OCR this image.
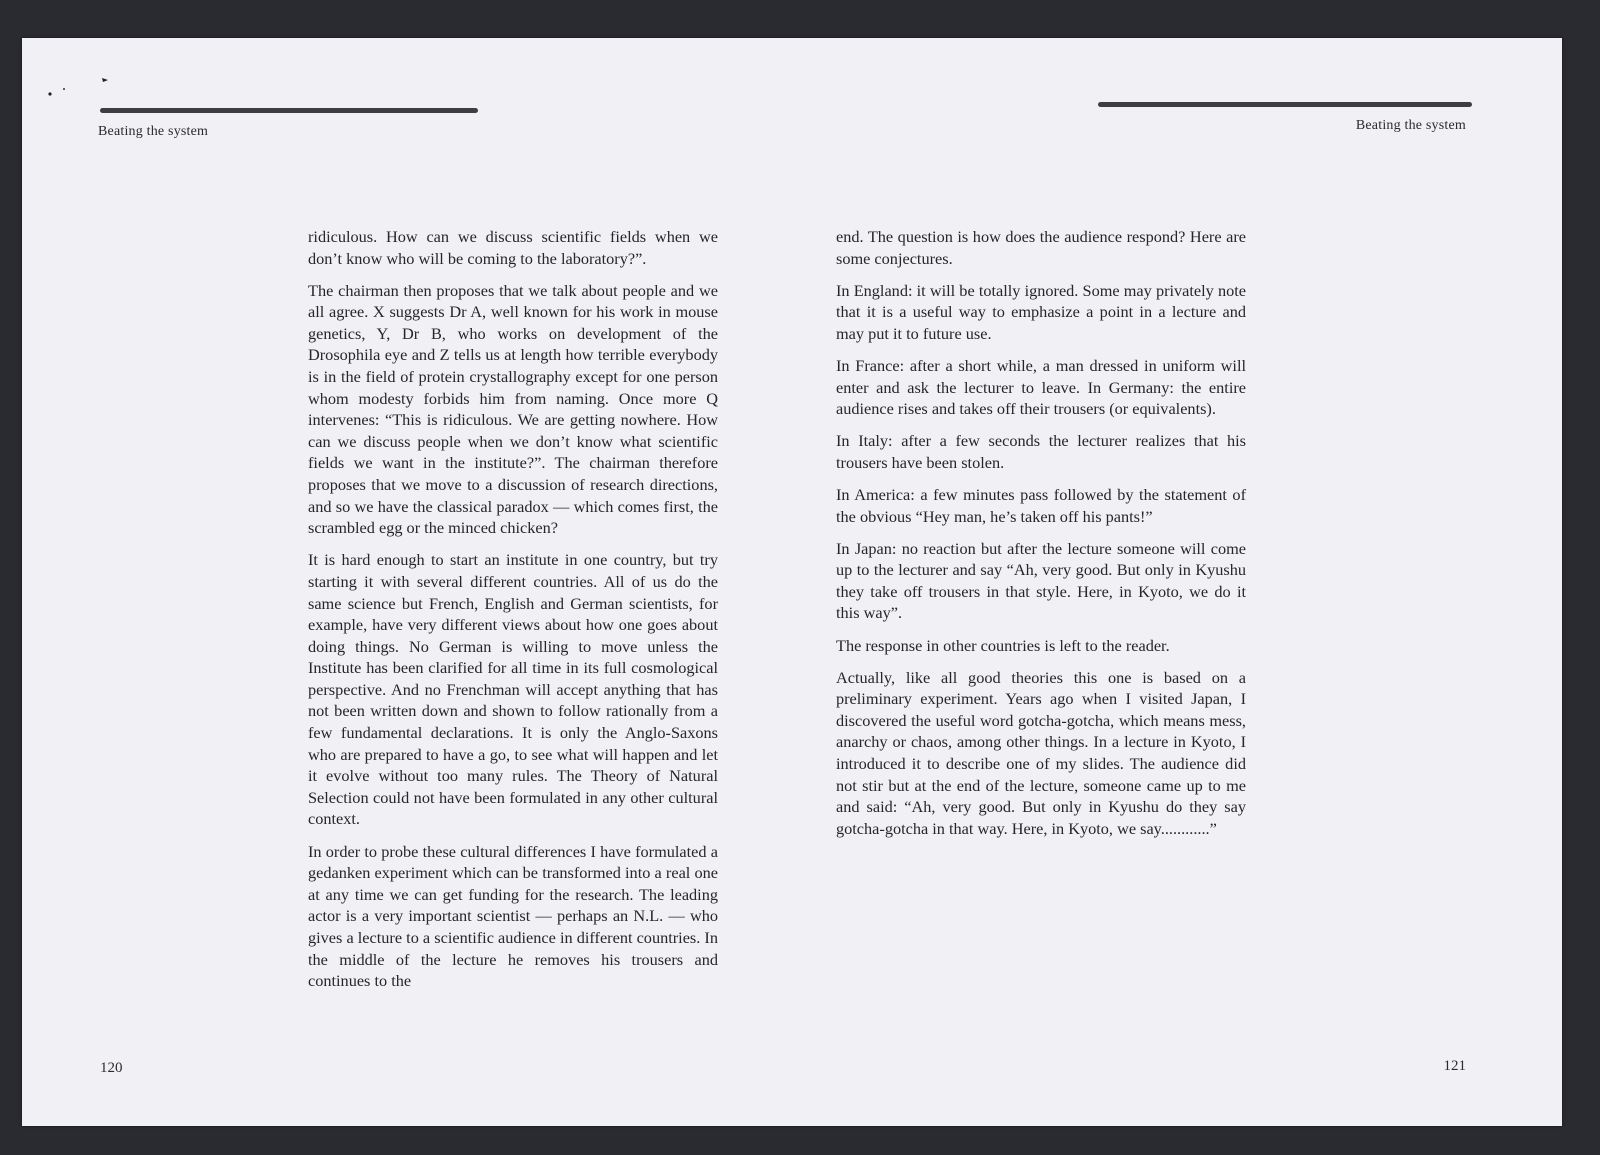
Beating the system	Beating the system

ridiculous. How can we discuss scientific fields when we don’t know who will be coming to the laboratory?”.

The chairman then proposes that we talk about people and we all agree. X suggests Dr A, well known for his work in mouse genetics, Y, Dr B, who works on development of the Drosophila eye and Z tells us at length how terrible everybody is in the field of protein crystallography except for one person whom modesty forbids him from naming. Once more Q intervenes: “This is ridiculous. We are getting nowhere. How can we discuss people when we don’t know what scientific fields we want in the institute?”. The chairman therefore proposes that we move to a discussion of research directions, and so we have the classical paradox — which comes first, the scrambled egg or the minced chicken?

It is hard enough to start an institute in one country, but try starting it with several different countries. All of us do the same science but French, English and German scientists, for example, have very different views about how one goes about doing things. No German is willing to move unless the Institute has been clarified for all time in its full cosmological perspective. And no Frenchman will accept anything that has not been written down and shown to follow rationally from a few fundamental declarations. It is only the Anglo-Saxons who are prepared to have a go, to see what will happen and let it evolve without too many rules. The Theory of Natural Selection could not have been formulated in any other cultural context.

In order to probe these cultural differences I have formulated a gedanken experiment which can be transformed into a real one at any time we can get funding for the research. The leading actor is a very important scientist — perhaps an N.L. — who gives a lecture to a scientific audience in different countries. In the middle of the lecture he removes his trousers and continues to the

end. The question is how does the audience respond? Here are some conjectures.

In England: it will be totally ignored. Some may privately note that it is a useful way to emphasize a point in a lecture and may put it to future use.

In France: after a short while, a man dressed in uniform will enter and ask the lecturer to leave. In Germany: the entire audience rises and takes off their trousers (or equivalents).

In Italy: after a few seconds the lecturer realizes that his trousers have been stolen.

In America: a few minutes pass followed by the statement of the obvious “Hey man, he’s taken off his pants!”

In Japan: no reaction but after the lecture someone will come up to the lecturer and say “Ah, very good. But only in Kyushu they take off trousers in that style. Here, in Kyoto, we do it this way”.

The response in other countries is left to the reader.

Actually, like all good theories this one is based on a preliminary experiment. Years ago when I visited Japan, I discovered the useful word gotcha-gotcha, which means mess, anarchy or chaos, among other things. In a lecture in Kyoto, I introduced it to describe one of my slides. The audience did not stir but at the end of the lecture, someone came up to me and said: “Ah, very good. But only in Kyushu do they say gotcha-gotcha in that way. Here, in Kyoto, we say............”

120	121
